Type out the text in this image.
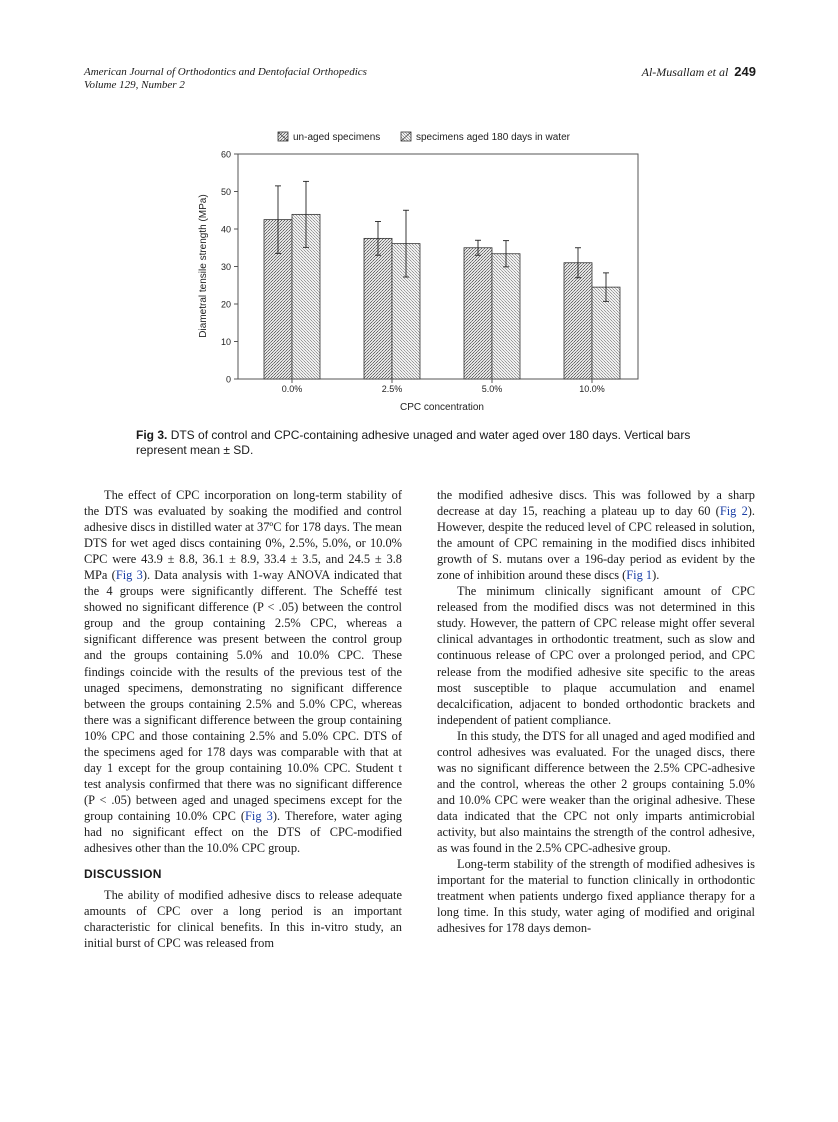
American Journal of Orthodontics and Dentofacial Orthopedics
Volume 129, Number 2
Al-Musallam et al 249
un-aged specimens	specimens aged 180 days in water
0
10
20
30
40
50
60
0.0%	2.5%	5.0%	10.0%
CPC concentration
Diametral tensile strength (MPa)
Fig 3. DTS of control and CPC-containing adhesive unaged and water aged over 180 days. Vertical bars represent mean ± SD.

The effect of CPC incorporation on long-term stability of the DTS was evaluated by soaking the modified and control adhesive discs in distilled water at 37ºC for 178 days. The mean DTS for wet aged discs containing 0%, 2.5%, 5.0%, or 10.0% CPC were 43.9 ± 8.8, 36.1 ± 8.9, 33.4 ± 3.5, and 24.5 ± 3.8 MPa (Fig 3). Data analysis with 1-way ANOVA indicated that the 4 groups were significantly different. The Scheffé test showed no significant difference (P < .05) between the control group and the group containing 2.5% CPC, whereas a significant difference was present between the control group and the groups containing 5.0% and 10.0% CPC. These findings coincide with the results of the previous test of the unaged specimens, demonstrating no significant difference between the groups containing 2.5% and 5.0% CPC, whereas there was a significant difference between the group containing 10% CPC and those containing 2.5% and 5.0% CPC. DTS of the specimens aged for 178 days was comparable with that at day 1 except for the group containing 10.0% CPC. Student t test analysis confirmed that there was no significant difference (P < .05) between aged and unaged specimens except for the group containing 10.0% CPC (Fig 3). Therefore, water aging had no significant effect on the DTS of CPC-modified adhesives other than the 10.0% CPC group.

DISCUSSION

The ability of modified adhesive discs to release adequate amounts of CPC over a long period is an important characteristic for clinical benefits. In this in-vitro study, an initial burst of CPC was released from

the modified adhesive discs. This was followed by a sharp decrease at day 15, reaching a plateau up to day 60 (Fig 2). However, despite the reduced level of CPC released in solution, the amount of CPC remaining in the modified discs inhibited growth of S. mutans over a 196-day period as evident by the zone of inhibition around these discs (Fig 1).

The minimum clinically significant amount of CPC released from the modified discs was not determined in this study. However, the pattern of CPC release might offer several clinical advantages in orthodontic treatment, such as slow and continuous release of CPC over a prolonged period, and CPC release from the modified adhesive site specific to the areas most susceptible to plaque accumulation and enamel decalcification, adjacent to bonded orthodontic brackets and independent of patient compliance.

In this study, the DTS for all unaged and aged modified and control adhesives was evaluated. For the unaged discs, there was no significant difference between the 2.5% CPC-adhesive and the control, whereas the other 2 groups containing 5.0% and 10.0% CPC were weaker than the original adhesive. These data indicated that the CPC not only imparts antimicrobial activity, but also maintains the strength of the control adhesive, as was found in the 2.5% CPC-adhesive group.

Long-term stability of the strength of modified adhesives is important for the material to function clinically in orthodontic treatment when patients undergo fixed appliance therapy for a long time. In this study, water aging of modified and original adhesives for 178 days demon-
